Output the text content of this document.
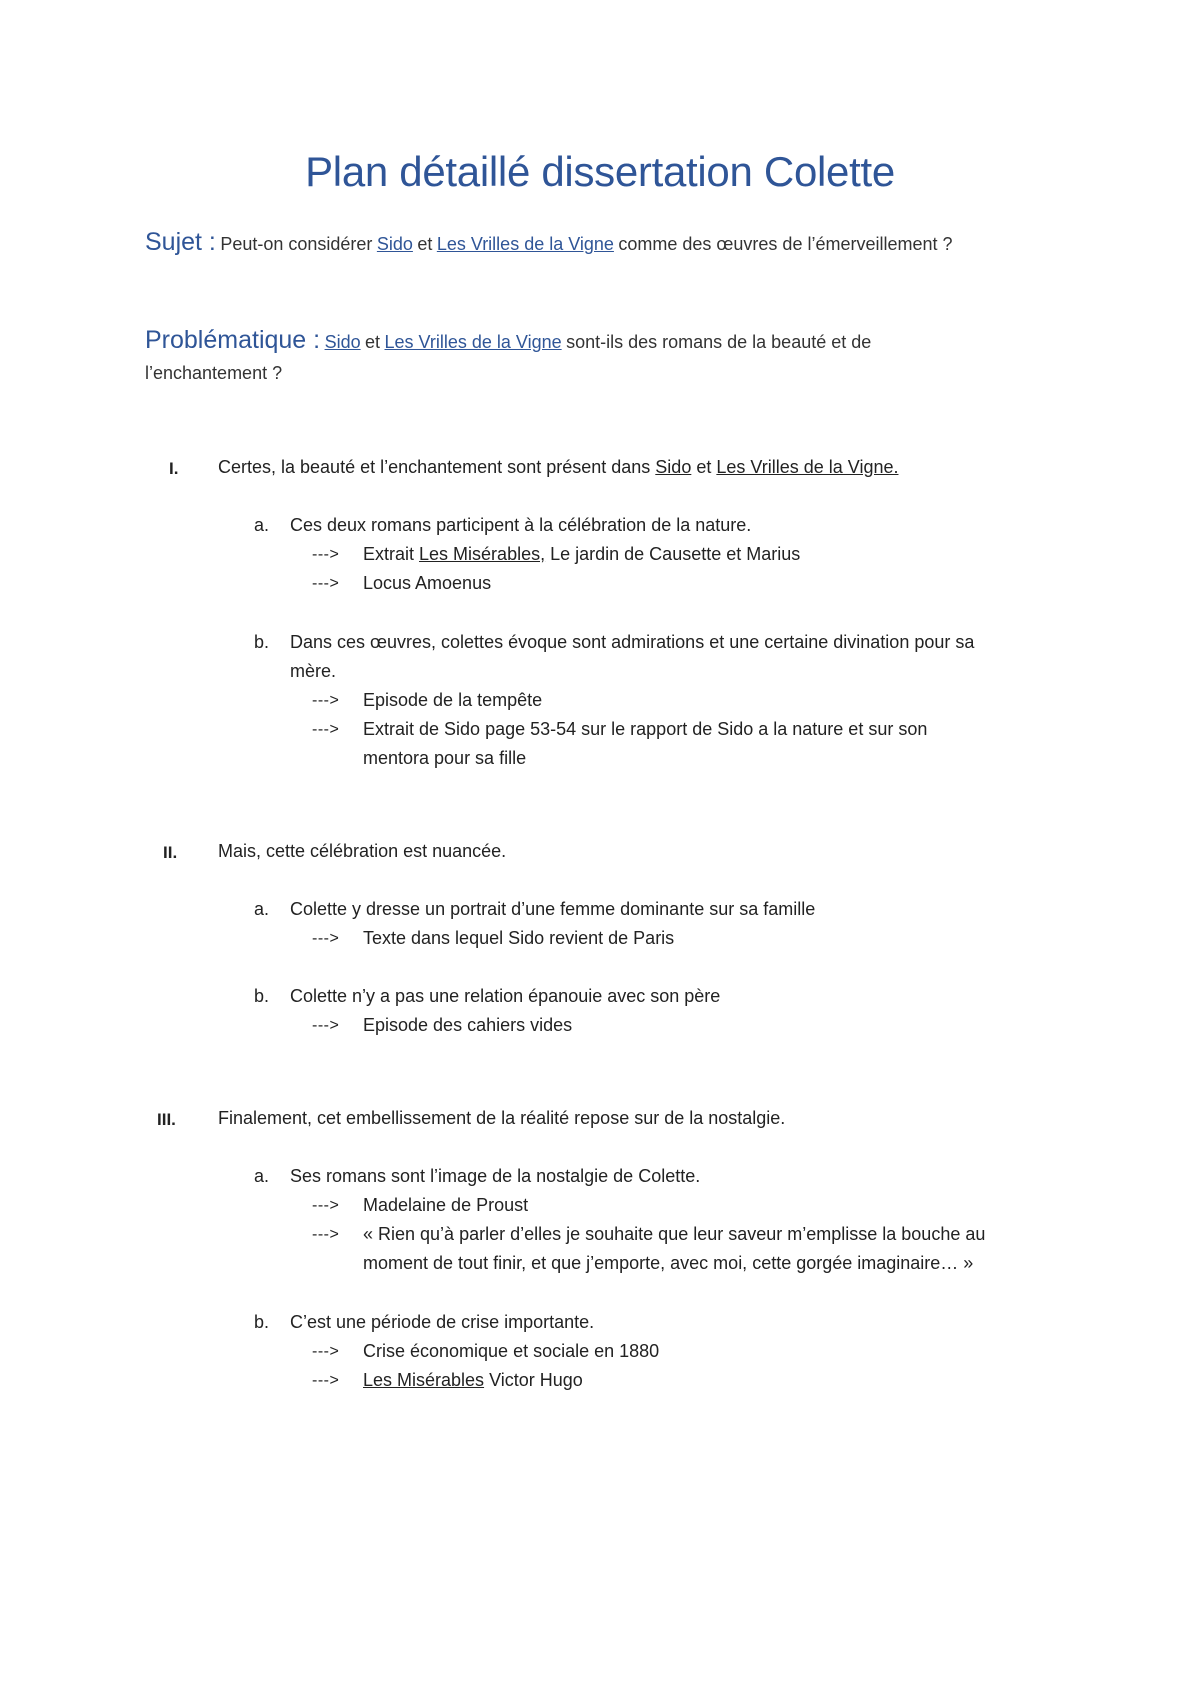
Plan détaillé dissertation Colette
Sujet : Peut-on considérer Sido et Les Vrilles de la Vigne comme des œuvres de l’émerveillement ?
Problématique : Sido et Les Vrilles de la Vigne sont-ils des romans de la beauté et de
l’enchantement ?
I. Certes, la beauté et l’enchantement sont présent dans Sido et Les Vrilles de la Vigne.
a. Ces deux romans participent à la célébration de la nature.
---> Extrait Les Misérables, Le jardin de Causette et Marius
---> Locus Amoenus
b. Dans ces œuvres, colettes évoque sont admirations et une certaine divination pour sa
mère.
---> Episode de la tempête
---> Extrait de Sido page 53-54 sur le rapport de Sido a la nature et sur son
mentora pour sa fille
II. Mais, cette célébration est nuancée.
a. Colette y dresse un portrait d’une femme dominante sur sa famille
---> Texte dans lequel Sido revient de Paris
b. Colette n’y a pas une relation épanouie avec son père
---> Episode des cahiers vides
III. Finalement, cet embellissement de la réalité repose sur de la nostalgie.
a. Ses romans sont l’image de la nostalgie de Colette.
---> Madelaine de Proust
---> « Rien qu’à parler d’elles je souhaite que leur saveur m’emplisse la bouche au
moment de tout finir, et que j’emporte, avec moi, cette gorgée imaginaire… »
b. C’est une période de crise importante.
---> Crise économique et sociale en 1880
---> Les Misérables Victor Hugo
